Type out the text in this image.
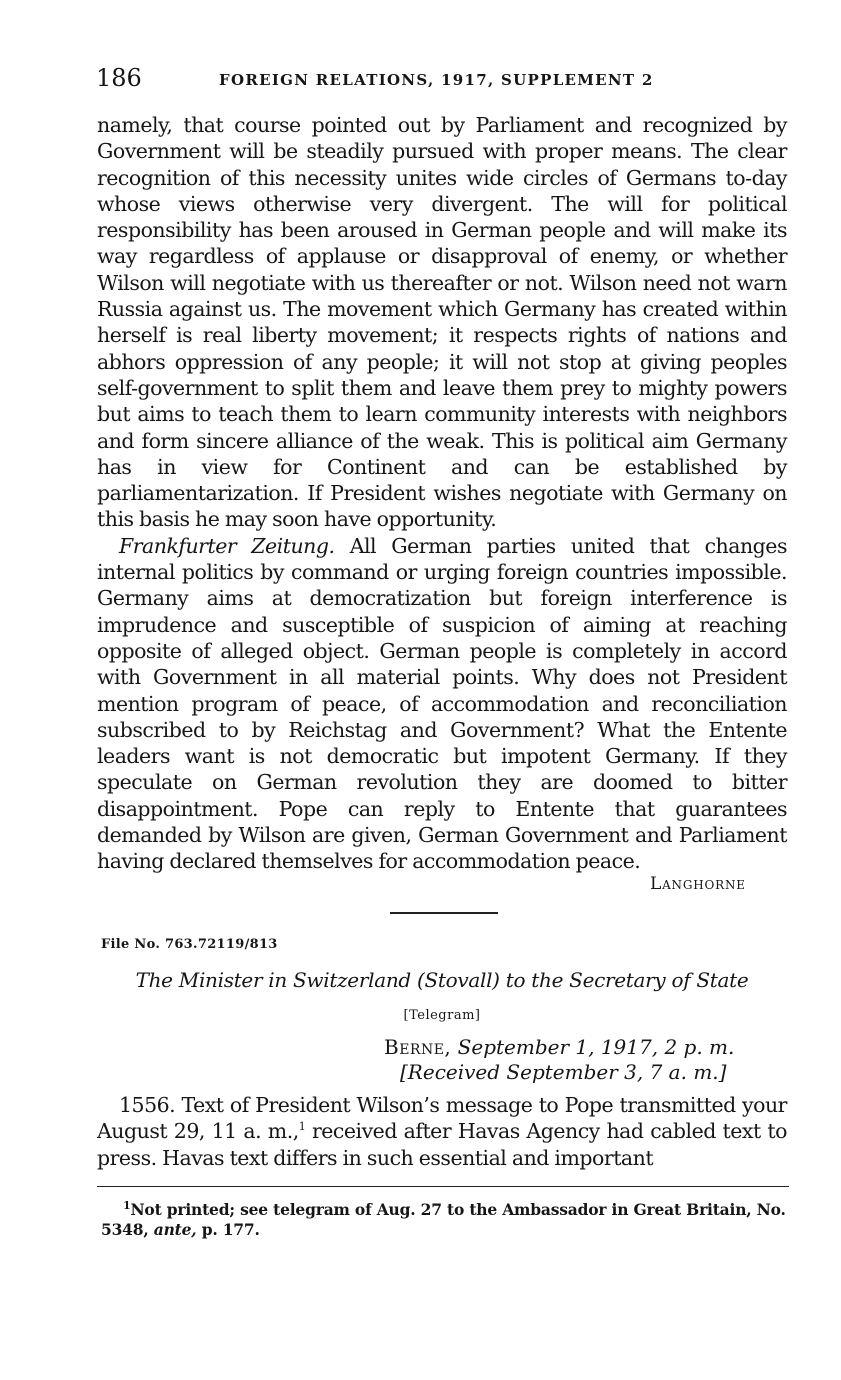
186	FOREIGN RELATIONS, 1917, SUPPLEMENT 2

namely, that course pointed out by Parliament and recognized by Government will be steadily pursued with proper means. The clear recognition of this necessity unites wide circles of Germans to-day whose views otherwise very divergent. The will for political responsibility has been aroused in German people and will make its way regardless of applause or disapproval of enemy, or whether Wilson will negotiate with us thereafter or not. Wilson need not warn Russia against us. The movement which Germany has created within herself is real liberty movement; it respects rights of nations and abhors oppression of any people; it will not stop at giving peoples self-government to split them and leave them prey to mighty powers but aims to teach them to learn community interests with neighbors and form sincere alliance of the weak. This is political aim Germany has in view for Continent and can be established by parliamentarization. If President wishes negotiate with Germany on this basis he may soon have opportunity.

Frankfurter Zeitung. All German parties united that changes internal politics by command or urging foreign countries impossible. Germany aims at democratization but foreign interference is imprudence and susceptible of suspicion of aiming at reaching opposite of alleged object. German people is completely in accord with Government in all material points. Why does not President mention program of peace, of accommodation and reconciliation subscribed to by Reichstag and Government? What the Entente leaders want is not democratic but impotent Germany. If they speculate on German revolution they are doomed to bitter disappointment. Pope can reply to Entente that guarantees demanded by Wilson are given, German Government and Parliament having declared themselves for accommodation peace.

Langhorne
File No. 763.72119/813
The Minister in Switzerland (Stovall) to the Secretary of State
[Telegram]
Berne, September 1, 1917, 2 p. m.
[Received September 3, 7 a. m.]

1556. Text of President Wilson’s message to Pope transmitted your August 29, 11 a. m.,$^1$ received after Havas Agency had cabled text to press. Havas text differs in such essential and important

$^1$Not printed; see telegram of Aug. 27 to the Ambassador in Great Britain, No. 5348, ante, p. 177.
